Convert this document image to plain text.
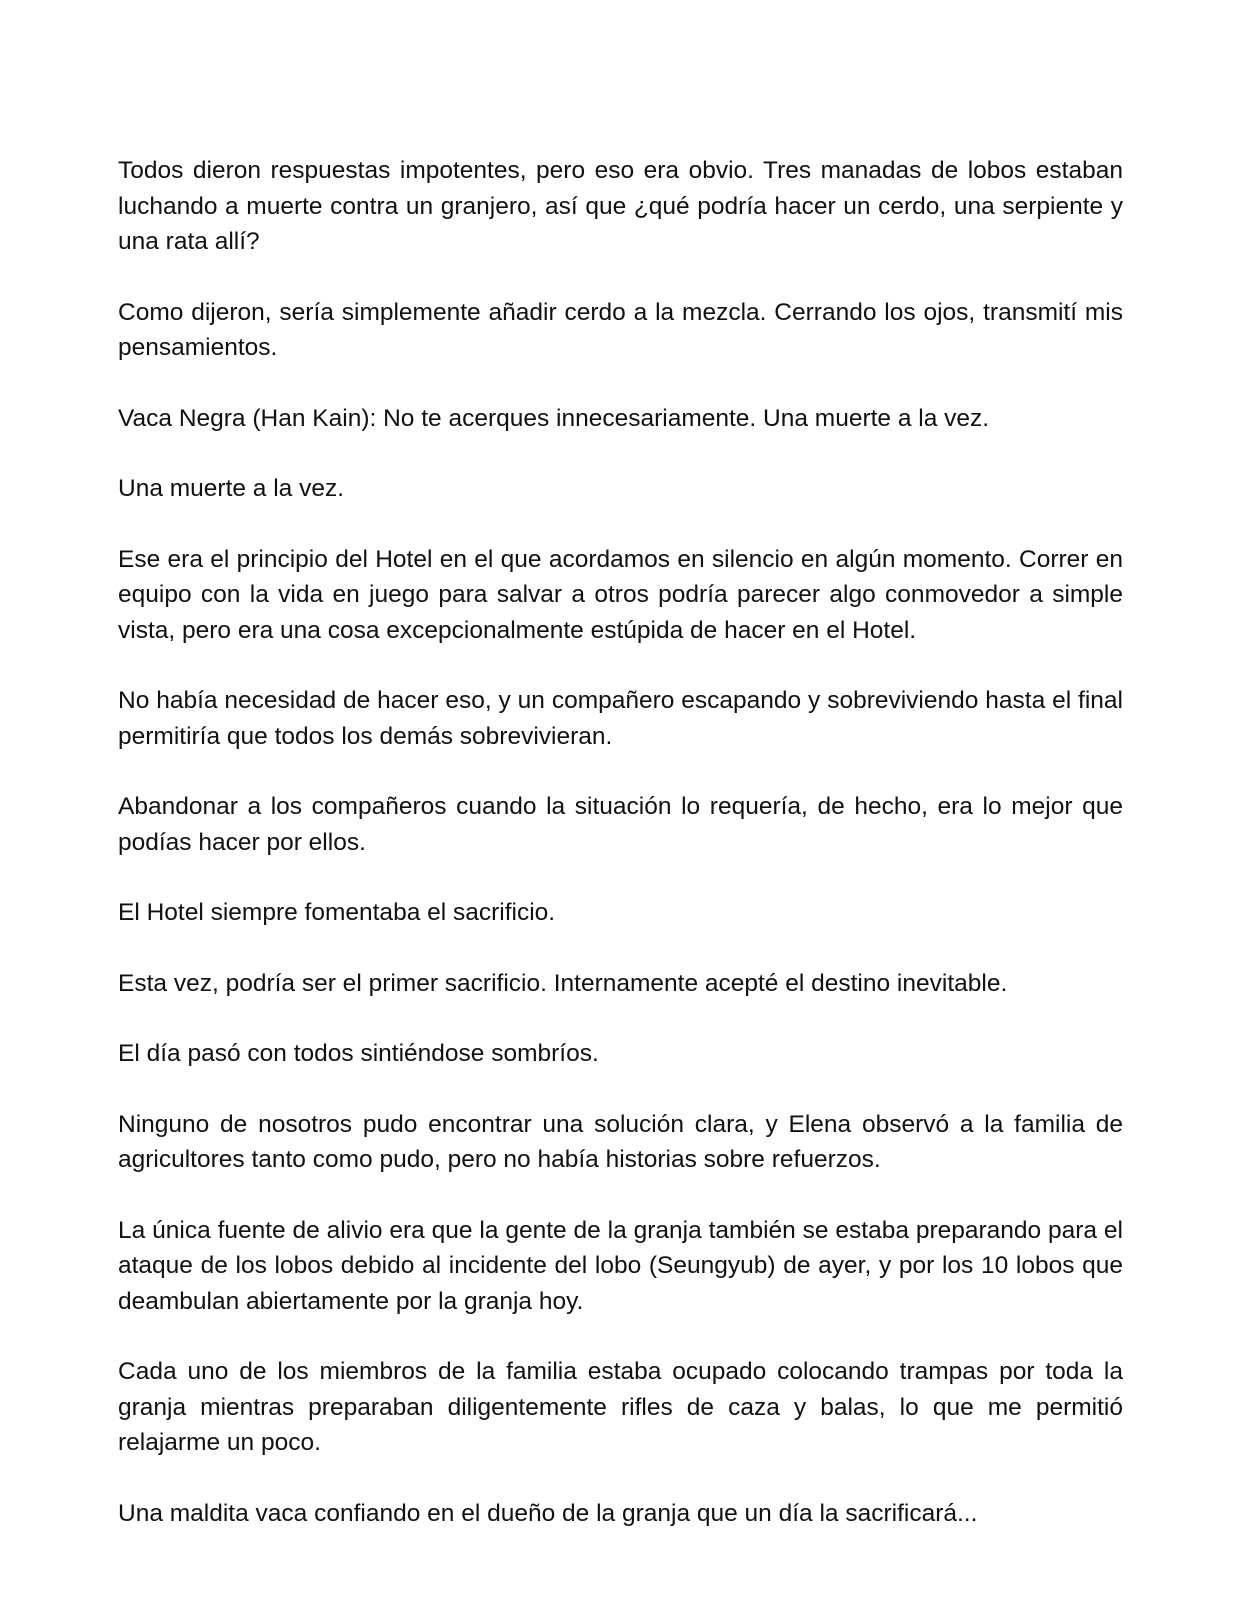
Todos dieron respuestas impotentes, pero eso era obvio. Tres manadas de lobos estaban luchando a muerte contra un granjero, así que ¿qué podría hacer un cerdo, una serpiente y una rata allí?

Como dijeron, sería simplemente añadir cerdo a la mezcla. Cerrando los ojos, transmití mis pensamientos.

Vaca Negra (Han Kain): No te acerques innecesariamente. Una muerte a la vez.

Una muerte a la vez.

Ese era el principio del Hotel en el que acordamos en silencio en algún momento. Correr en equipo con la vida en juego para salvar a otros podría parecer algo conmovedor a simple vista, pero era una cosa excepcionalmente estúpida de hacer en el Hotel.

No había necesidad de hacer eso, y un compañero escapando y sobreviviendo hasta el final permitiría que todos los demás sobrevivieran.

Abandonar a los compañeros cuando la situación lo requería, de hecho, era lo mejor que podías hacer por ellos.

El Hotel siempre fomentaba el sacrificio.

Esta vez, podría ser el primer sacrificio. Internamente acepté el destino inevitable.

El día pasó con todos sintiéndose sombríos.

Ninguno de nosotros pudo encontrar una solución clara, y Elena observó a la familia de agricultores tanto como pudo, pero no había historias sobre refuerzos.

La única fuente de alivio era que la gente de la granja también se estaba preparando para el ataque de los lobos debido al incidente del lobo (Seungyub) de ayer, y por los 10 lobos que deambulan abiertamente por la granja hoy.

Cada uno de los miembros de la familia estaba ocupado colocando trampas por toda la granja mientras preparaban diligentemente rifles de caza y balas, lo que me permitió relajarme un poco.

Una maldita vaca confiando en el dueño de la granja que un día la sacrificará...
